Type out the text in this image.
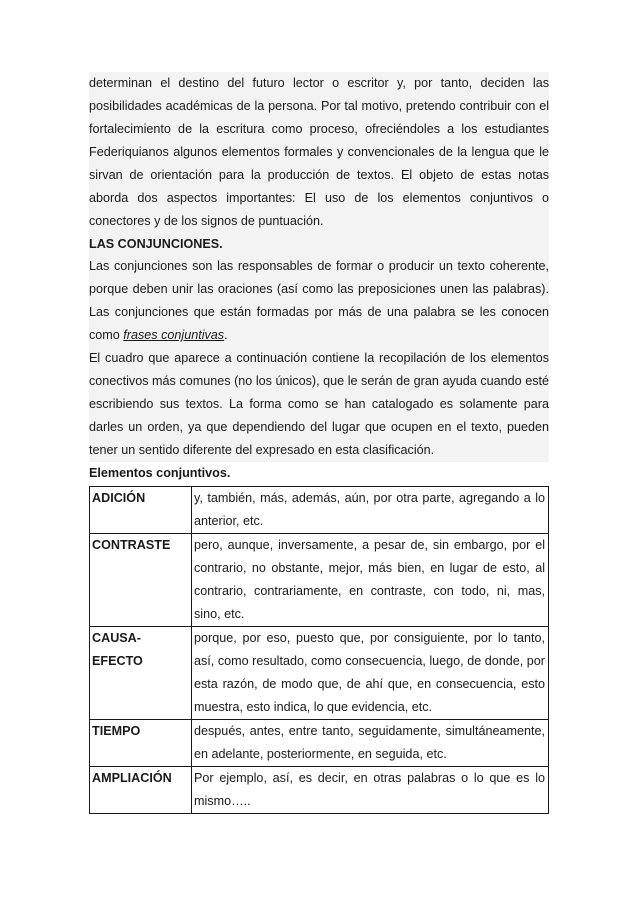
determinan el destino del futuro lector o escritor y, por tanto, deciden las posibilidades académicas de la persona. Por tal motivo, pretendo contribuir con el fortalecimiento de la escritura como proceso, ofreciéndoles a los estudiantes Federiquianos algunos elementos formales y convencionales de la lengua que le sirvan de orientación para la producción de textos. El objeto de estas notas aborda dos aspectos importantes: El uso de los elementos conjuntivos o conectores y de los signos de puntuación.

LAS CONJUNCIONES.

Las conjunciones son las responsables de formar o producir un texto coherente, porque deben unir las oraciones (así como las preposiciones unen las palabras). Las conjunciones que están formadas por más de una palabra se les conocen como frases conjuntivas.

El cuadro que aparece a continuación contiene la recopilación de los elementos conectivos más comunes (no los únicos), que le serán de gran ayuda cuando esté escribiendo sus textos. La forma como se han catalogado es solamente para darles un orden, ya que dependiendo del lugar que ocupen en el texto, pueden tener un sentido diferente del expresado en esta clasificación.

Elementos conjuntivos.

ADICIÓN	y, también, más, además, aún, por otra parte, agregando a lo anterior, etc.
CONTRASTE	pero, aunque, inversamente, a pesar de, sin embargo, por el contrario, no obstante, mejor, más bien, en lugar de esto, al contrario, contrariamente, en contraste, con todo, ni, mas, sino, etc.
CAUSA-EFECTO	porque, por eso, puesto que, por consiguiente, por lo tanto, así, como resultado, como consecuencia, luego, de donde, por esta razón, de modo que, de ahí que, en consecuencia, esto muestra, esto indica, lo que evidencia, etc.
TIEMPO	después, antes, entre tanto, seguidamente, simultáneamente, en adelante, posteriormente, en seguida, etc.
AMPLIACIÓN	Por ejemplo, así, es decir, en otras palabras o lo que es lo mismo…..
